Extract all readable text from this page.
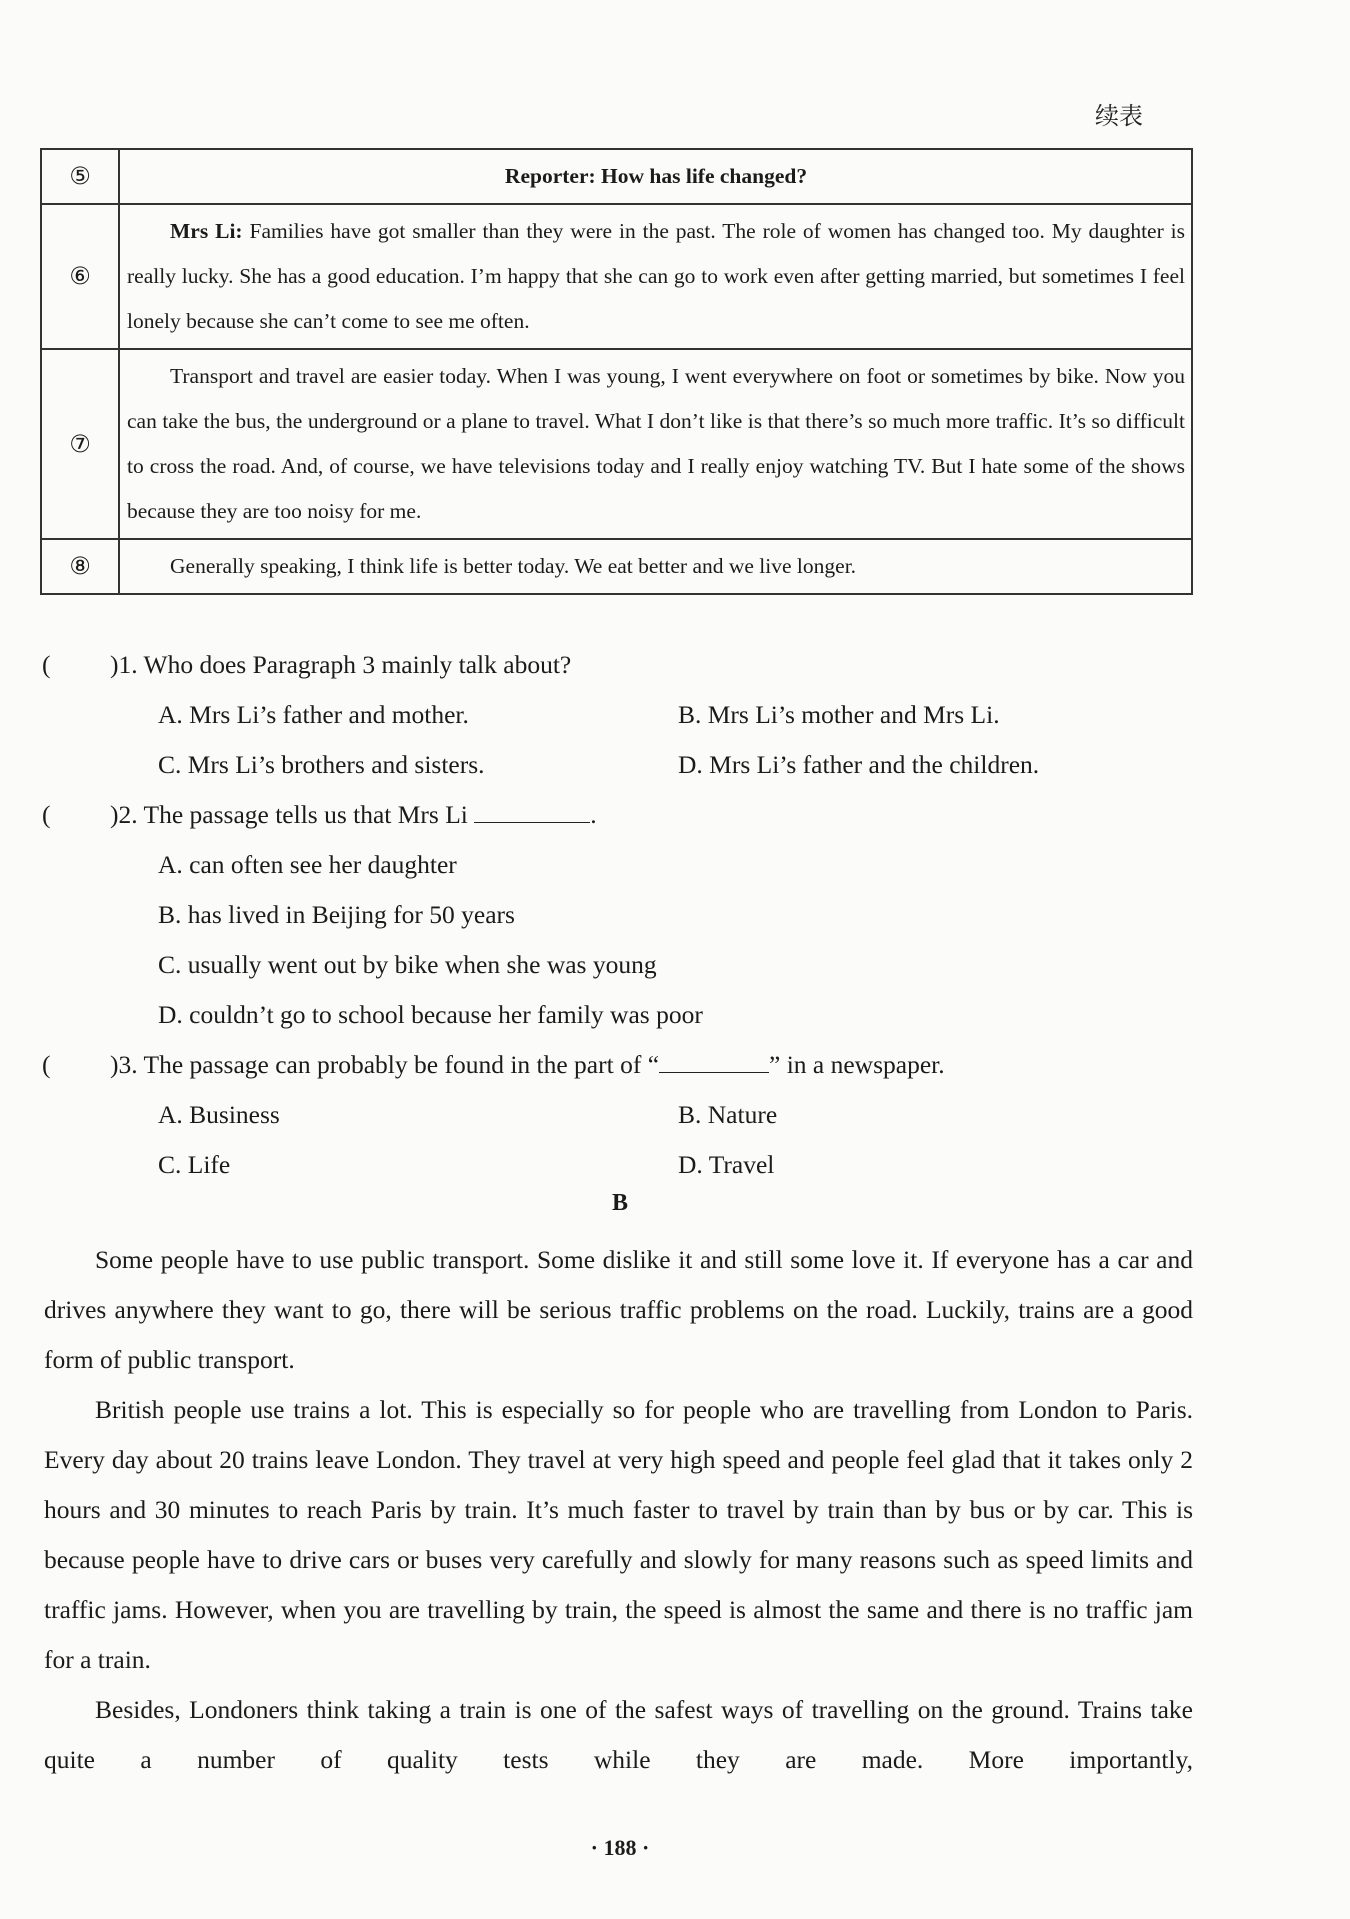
续表
⑤	Reporter: How has life changed?
⑥	Mrs Li: Families have got smaller than they were in the past. The role of women has changed too. My daughter is really lucky. She has a good education. I’m happy that she can go to work even after getting married, but sometimes I feel lonely because she can’t come to see me often.
⑦	Transport and travel are easier today. When I was young, I went everywhere on foot or sometimes by bike. Now you can take the bus, the underground or a plane to travel. What I don’t like is that there’s so much more traffic. It’s so difficult to cross the road. And, of course, we have televisions today and I really enjoy watching TV. But I hate some of the shows because they are too noisy for me.
⑧	Generally speaking, I think life is better today. We eat better and we live longer.
( )1. Who does Paragraph 3 mainly talk about?
A. Mrs Li’s father and mother.	B. Mrs Li’s mother and Mrs Li.
C. Mrs Li’s brothers and sisters.	D. Mrs Li’s father and the children.
( )2. The passage tells us that Mrs Li	.
A. can often see her daughter
B. has lived in Beijing for 50 years
C. usually went out by bike when she was young
D. couldn’t go to school because her family was poor
( )3. The passage can probably be found in the part of “	” in a newspaper.
A. Business	B. Nature
C. Life	D. Travel
B

Some people have to use public transport. Some dislike it and still some love it. If everyone has a car and drives anywhere they want to go, there will be serious traffic problems on the road. Luckily, trains are a good form of public transport.

British people use trains a lot. This is especially so for people who are travelling from London to Paris. Every day about 20 trains leave London. They travel at very high speed and people feel glad that it takes only 2 hours and 30 minutes to reach Paris by train. It’s much faster to travel by train than by bus or by car. This is because people have to drive cars or buses very carefully and slowly for many reasons such as speed limits and traffic jams. However, when you are travelling by train, the speed is almost the same and there is no traffic jam for a train.

Besides, Londoners think taking a train is one of the safest ways of travelling on the ground. Trains take quite a number of quality tests while they are made. More importantly,

· 188 ·
